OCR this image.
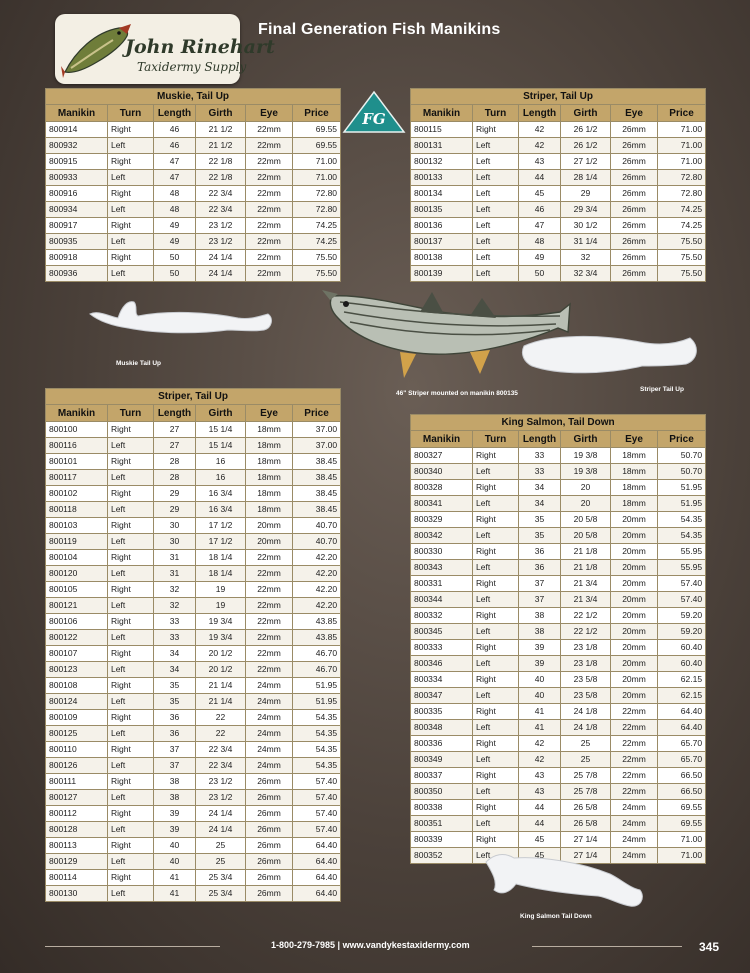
John Rinehart
Taxidermy Supply
Final Generation Fish Manikins
FG
Muskie, Tail Up					
Manikin	Turn	Length	Girth	Eye	Price
800914	Right	46	21 1/2	22mm	69.55
800932	Left	46	21 1/2	22mm	69.55
800915	Right	47	22 1/8	22mm	71.00
800933	Left	47	22 1/8	22mm	71.00
800916	Right	48	22 3/4	22mm	72.80
800934	Left	48	22 3/4	22mm	72.80
800917	Right	49	23 1/2	22mm	74.25
800935	Left	49	23 1/2	22mm	74.25
800918	Right	50	24 1/4	22mm	75.50
800936	Left	50	24 1/4	22mm	75.50
Striper, Tail Up					
Manikin	Turn	Length	Girth	Eye	Price
800115	Right	42	26 1/2	26mm	71.00
800131	Left	42	26 1/2	26mm	71.00
800132	Left	43	27 1/2	26mm	71.00
800133	Left	44	28 1/4	26mm	72.80
800134	Left	45	29	26mm	72.80
800135	Left	46	29 3/4	26mm	74.25
800136	Left	47	30 1/2	26mm	74.25
800137	Left	48	31 1/4	26mm	75.50
800138	Left	49	32	26mm	75.50
800139	Left	50	32 3/4	26mm	75.50
Muskie Tail Up
46" Striper mounted on manikin 800135
Striper Tail Up
Striper, Tail Up					
Manikin	Turn	Length	Girth	Eye	Price
800100	Right	27	15 1/4	18mm	37.00
800116	Left	27	15 1/4	18mm	37.00
800101	Right	28	16	18mm	38.45
800117	Left	28	16	18mm	38.45
800102	Right	29	16 3/4	18mm	38.45
800118	Left	29	16 3/4	18mm	38.45
800103	Right	30	17 1/2	20mm	40.70
800119	Left	30	17 1/2	20mm	40.70
800104	Right	31	18 1/4	22mm	42.20
800120	Left	31	18 1/4	22mm	42.20
800105	Right	32	19	22mm	42.20
800121	Left	32	19	22mm	42.20
800106	Right	33	19 3/4	22mm	43.85
800122	Left	33	19 3/4	22mm	43.85
800107	Right	34	20 1/2	22mm	46.70
800123	Left	34	20 1/2	22mm	46.70
800108	Right	35	21 1/4	24mm	51.95
800124	Left	35	21 1/4	24mm	51.95
800109	Right	36	22	24mm	54.35
800125	Left	36	22	24mm	54.35
800110	Right	37	22 3/4	24mm	54.35
800126	Left	37	22 3/4	24mm	54.35
800111	Right	38	23 1/2	26mm	57.40
800127	Left	38	23 1/2	26mm	57.40
800112	Right	39	24 1/4	26mm	57.40
800128	Left	39	24 1/4	26mm	57.40
800113	Right	40	25	26mm	64.40
800129	Left	40	25	26mm	64.40
800114	Right	41	25 3/4	26mm	64.40
800130	Left	41	25 3/4	26mm	64.40
King Salmon, Tail Down					
Manikin	Turn	Length	Girth	Eye	Price
800327	Right	33	19 3/8	18mm	50.70
800340	Left	33	19 3/8	18mm	50.70
800328	Right	34	20	18mm	51.95
800341	Left	34	20	18mm	51.95
800329	Right	35	20 5/8	20mm	54.35
800342	Left	35	20 5/8	20mm	54.35
800330	Right	36	21 1/8	20mm	55.95
800343	Left	36	21 1/8	20mm	55.95
800331	Right	37	21 3/4	20mm	57.40
800344	Left	37	21 3/4	20mm	57.40
800332	Right	38	22 1/2	20mm	59.20
800345	Left	38	22 1/2	20mm	59.20
800333	Right	39	23 1/8	20mm	60.40
800346	Left	39	23 1/8	20mm	60.40
800334	Right	40	23 5/8	20mm	62.15
800347	Left	40	23 5/8	20mm	62.15
800335	Right	41	24 1/8	22mm	64.40
800348	Left	41	24 1/8	22mm	64.40
800336	Right	42	25	22mm	65.70
800349	Left	42	25	22mm	65.70
800337	Right	43	25 7/8	22mm	66.50
800350	Left	43	25 7/8	22mm	66.50
800338	Right	44	26 5/8	24mm	69.55
800351	Left	44	26 5/8	24mm	69.55
800339	Right	45	27 1/4	24mm	71.00
800352	Left	45	27 1/4	24mm	71.00
King Salmon Tail Down
1-800-279-7985 | www.vandykestaxidermy.com	345
